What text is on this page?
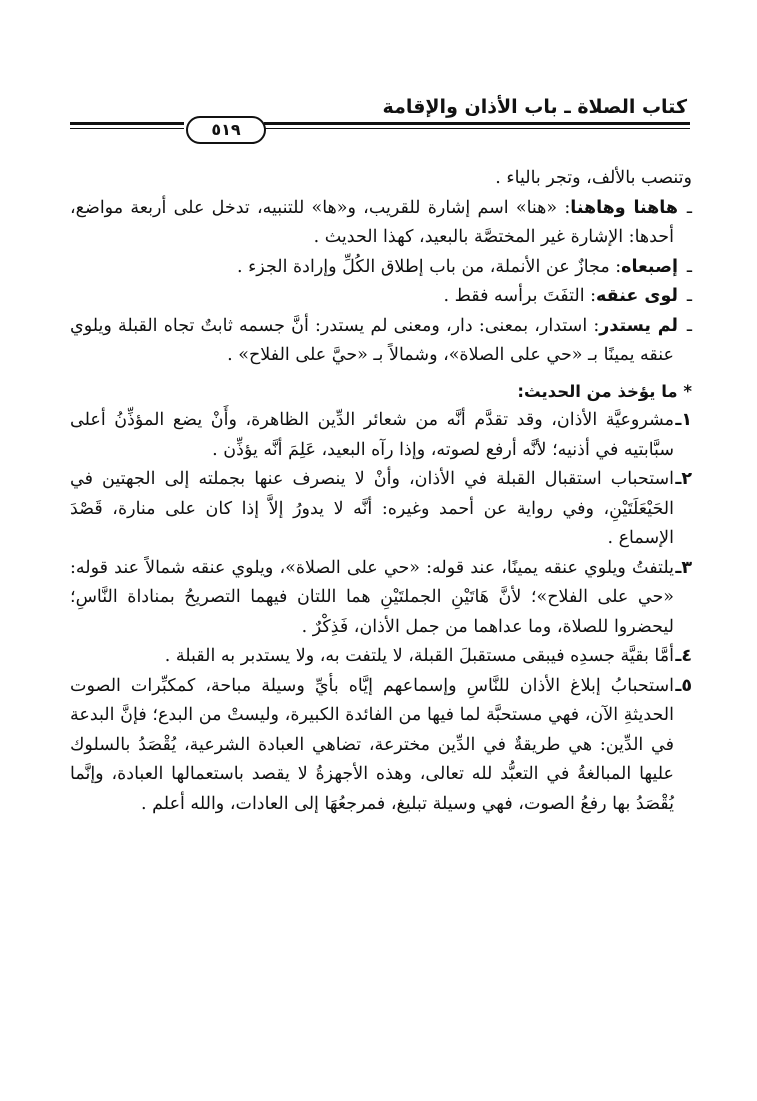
كتاب الصلاة ـ باب الأذان والإقامة
٥١٩

وتنصب بالألف، وتجر بالياء .

ـهاهنا وهاهنا: «هنا» اسم إشارة للقريب، و«ها» للتنبيه، تدخل على أربعة مواضع، أحدها: الإشارة غير المختصَّة بالبعيد، كهذا الحديث .

ـإصبعاه: مجازٌ عن الأنملة، من باب إطلاق الكُلِّ وإرادة الجزء .

ـلوى عنقه: التفَتَ برأسه فقط .

ـلم يستدر: استدار، بمعنى: دار، ومعنى لم يستدر: أنَّ جسمه ثابتٌ تجاه القبلة ويلوي عنقه يمينًا بـ «حي على الصلاة»، وشمالاً بـ «حيَّ على الفلاح» .

* ما يؤخذ من الحديث:

١ـمشروعيَّة الأذان، وقد تقدَّم أنَّه من شعائر الدِّين الظاهرة، وأَنْ يضع المؤذِّنُ أعلى سبَّابتيه في أذنيه؛ لأنَّه أرفع لصوته، وإذا رآه البعيد، عَلِمَ أنَّه يؤذِّن .

٢ـاستحباب استقبال القبلة في الأذان، وأنْ لا ينصرف عنها بجملته إلى الجهتين في الحَيْعَلَتَيْنِ، وفي رواية عن أحمد وغيره: أنَّه لا يدورُ إلاَّ إذا كان على منارة، قَصْدَ الإسماع .

٣ـيلتفتُ ويلوي عنقه يمينًا، عند قوله: «حي على الصلاة»، ويلوي عنقه شمالاً عند قوله: «حي على الفلاح»؛ لأنَّ هَاتَيْنِ الجملتَيْنِ هما اللتان فيهما التصريحُ بمناداة النَّاسِ؛ ليحضروا للصلاة، وما عداهما من جمل الأذان، فَذِكْرٌ .

٤ـأمَّا بقيَّة جسدِه فيبقى مستقبلَ القبلة، لا يلتفت به، ولا يستدبر به القبلة .

٥ـاستحبابُ إبلاغ الأذان للنَّاسِ وإسماعهم إيَّاه بأيِّ وسيلة مباحة، كمكبِّرات الصوت الحديثةِ الآن، فهي مستحبَّة لما فيها من الفائدة الكبيرة، وليستْ من البدع؛ فإنَّ البدعة في الدِّين: هي طريقةٌ في الدِّين مخترعة، تضاهي العبادة الشرعية، يُقْصَدُ بالسلوك عليها المبالغةُ في التعبُّد لله تعالى، وهذه الأجهزةُ لا يقصد باستعمالها العبادة، وإنَّما يُقْصَدُ بها رفعُ الصوت، فهي وسيلة تبليغ، فمرجعُهَا إلى العادات، والله أعلم .
